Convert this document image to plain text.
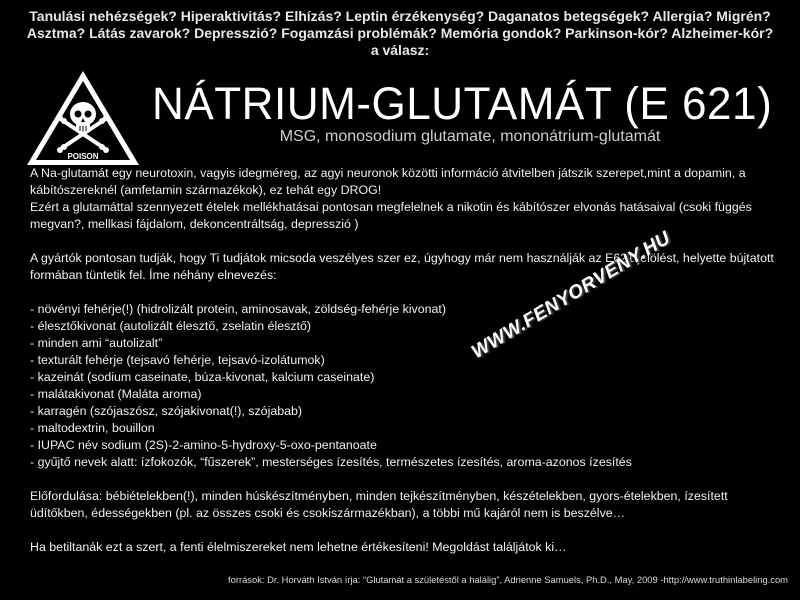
Tanulási nehézségek? Hiperaktivitás? Elhízás? Leptin érzékenység? Daganatos betegségek? Allergia? Migrén?
Asztma? Látás zavarok? Depresszió? Fogamzási problémák? Memória gondok? Parkinson-kór? Alzheimer-kór?
a válasz:
POISON
NÁTRIUM-GLUTAMÁT (E 621)
MSG, monosodium glutamate, mononátrium-glutamát

A Na-glutamát egy neurotoxin, vagyis idegméreg, az agyi neuronok közötti információ átvitelben játszik szerepet,mint a dopamin, a kábítószereknél (amfetamin származékok), ez tehát egy DROG!

Ezért a glutamáttal szennyezett ételek mellékhatásai pontosan megfelelnek a nikotin és kábítószer elvonás hatásaival (csoki függés megvan?, mellkasi fájdalom, dekoncentráltság, depresszió )

A gyártók pontosan tudják, hogy Ti tudjátok micsoda veszélyes szer ez, úgyhogy már nem használják az E621 jelölést, helyette bújtatott formában tüntetik fel. Íme néhány elnevezés:

- növényi fehérje(!) (hidrolizált protein, aminosavak, zöldség-fehérje kivonat)
- élesztőkivonat (autolizált élesztő, zselatin élesztő)
- minden ami “autolizalt”
- texturált fehérje (tejsavó fehérje, tejsavó-izolátumok)
- kazeinát (sodium caseinate, búza-kivonat, kalcium caseinate)
- malátakivonat (Maláta aroma)
- karragén (szójaszósz, szójakivonat(!), szójabab)
- maltodextrin, bouillon
- IUPAC név sodium (2S)-2-amino-5-hydroxy-5-oxo-pentanoate
- gyűjtő nevek alatt: ízfokozók, “fűszerek”, mesterséges ízesítés, természetes ízesítés, aroma-azonos ízesítés

Előfordulása: bébiételekben(!), minden húskészítményben, minden tejkészítményben, készételekben, gyors-ételekben, ízesített üdítőkben, édességekben (pl. az összes csoki és csokiszármazékban), a többi mű kajáról nem is beszélve…

Ha betiltanák ezt a szert, a fenti élelmiszereket nem lehetne értékesíteni! Megoldást találjátok ki…

WWW.FENYORVENY.HU
források: Dr. Horváth István írja: “Glutamát a születéstől a halálig”, Adrienne Samuels, Ph.D., May, 2009 -http://www.truthinlabeling.com
